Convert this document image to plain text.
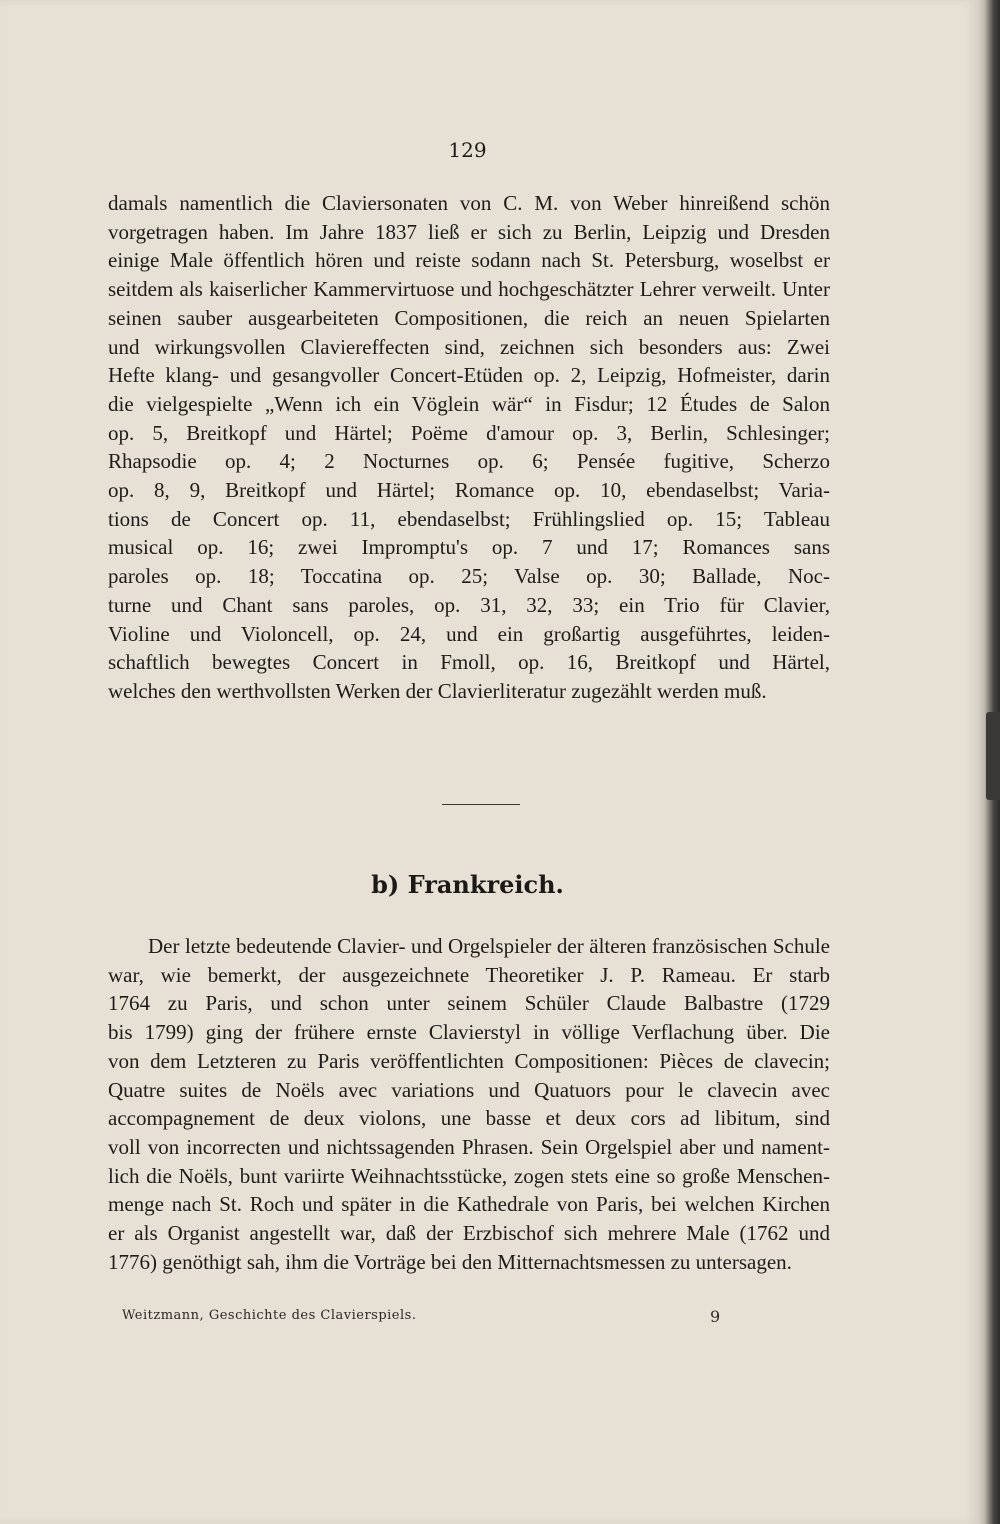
129
damals namentlich die Claviersonaten von C. M. von Weber hinreißend schön
vorgetragen haben. Im Jahre 1837 ließ er sich zu Berlin, Leipzig und Dresden
einige Male öffentlich hören und reiste sodann nach St. Petersburg, woselbst er
seitdem als kaiserlicher Kammervirtuose und hochgeschätzter Lehrer verweilt. Unter
seinen sauber ausgearbeiteten Compositionen, die reich an neuen Spielarten
und wirkungsvollen Claviereffecten sind, zeichnen sich besonders aus: Zwei
Hefte klang- und gesangvoller Concert-Etüden op. 2, Leipzig, Hofmeister, darin
die vielgespielte „Wenn ich ein Vöglein wär“ in Fisdur; 12 Études de Salon
op. 5, Breitkopf und Härtel; Poëme d'amour op. 3, Berlin, Schlesinger;
Rhapsodie op. 4; 2 Nocturnes op. 6; Pensée fugitive, Scherzo
op. 8, 9, Breitkopf und Härtel; Romance op. 10, ebendaselbst; Varia-
tions de Concert op. 11, ebendaselbst; Frühlingslied op. 15; Tableau
musical op. 16; zwei Impromptu's op. 7 und 17; Romances sans
paroles op. 18; Toccatina op. 25; Valse op. 30; Ballade, Noc-
turne und Chant sans paroles, op. 31, 32, 33; ein Trio für Clavier,
Violine und Violoncell, op. 24, und ein großartig ausgeführtes, leiden-
schaftlich bewegtes Concert in Fmoll, op. 16, Breitkopf und Härtel,
welches den werthvollsten Werken der Clavierliteratur zugezählt werden muß.
b) Frankreich.
Der letzte bedeutende Clavier- und Orgelspieler der älteren französischen Schule
war, wie bemerkt, der ausgezeichnete Theoretiker J. P. Rameau. Er starb
1764 zu Paris, und schon unter seinem Schüler Claude Balbastre (1729
bis 1799) ging der frühere ernste Clavierstyl in völlige Verflachung über. Die
von dem Letzteren zu Paris veröffentlichten Compositionen: Pièces de clavecin;
Quatre suites de Noëls avec variations und Quatuors pour le clavecin avec
accompagnement de deux violons, une basse et deux cors ad libitum, sind
voll von incorrecten und nichtssagenden Phrasen. Sein Orgelspiel aber und nament-
lich die Noëls, bunt variirte Weihnachtsstücke, zogen stets eine so große Menschen-
menge nach St. Roch und später in die Kathedrale von Paris, bei welchen Kirchen
er als Organist angestellt war, daß der Erzbischof sich mehrere Male (1762 und
1776) genöthigt sah, ihm die Vorträge bei den Mitternachtsmessen zu untersagen.
Weitzmann, Geschichte des Clavierspiels.	9
